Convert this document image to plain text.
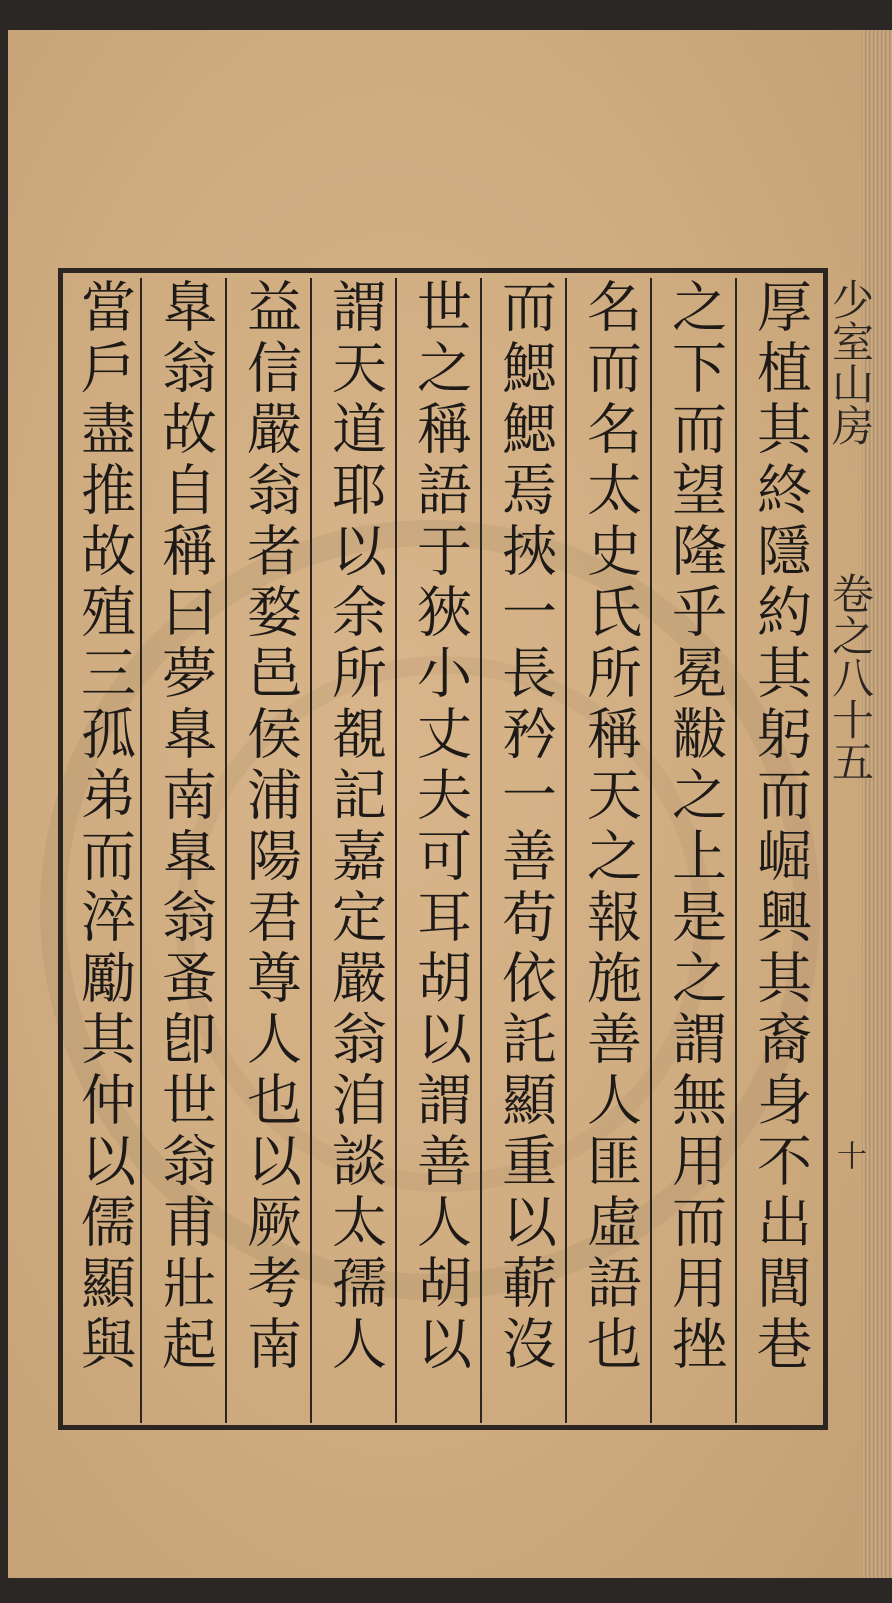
少室山房　　　卷之八十五
十
厚植其終隱約其躬而崛興其裔身不出閭巷
之下而望隆乎冕黻之上是之謂無用而用挫
名而名太史氏所稱天之報施善人匪虛語也
而鰓鰓焉挾一長矜一善苟依託顯重以蔪沒
世之稱語于狹小丈夫可耳胡以謂善人胡以
謂天道耶以余所覩記嘉定嚴翁洎談太孺人
益信嚴翁者婺邑侯浦陽君尊人也以厥考南
臯翁故自稱曰夢臯南臯翁蚤卽世翁甫壯起
當戶盡推故殖三孤弟而淬勵其仲以儒顯與
